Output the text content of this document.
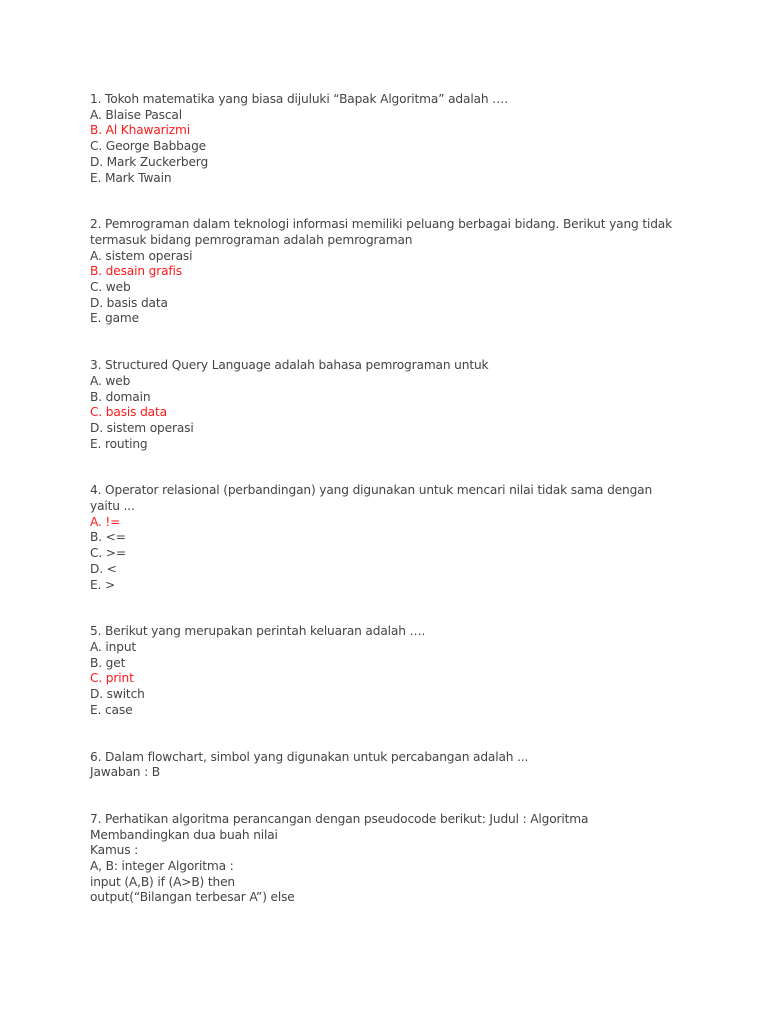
1. Tokoh matematika yang biasa dijuluki “Bapak Algoritma” adalah ….
A. Blaise Pascal
B. Al Khawarizmi
C. George Babbage
D. Mark Zuckerberg
E. Mark Twain
2. Pemrograman dalam teknologi informasi memiliki peluang berbagai bidang. Berikut yang tidak
termasuk bidang pemrograman adalah pemrograman
A. sistem operasi
B. desain grafis
C. web
D. basis data
E. game
3. Structured Query Language adalah bahasa pemrograman untuk
A. web
B. domain
C. basis data
D. sistem operasi
E. routing
4. Operator relasional (perbandingan) yang digunakan untuk mencari nilai tidak sama dengan
yaitu ...
A. !=
B. <=
C. >=
D. <
E. >
5. Berikut yang merupakan perintah keluaran adalah ….
A. input
B. get
C. print
D. switch
E. case
6. Dalam flowchart, simbol yang digunakan untuk percabangan adalah ...
Jawaban : B
7. Perhatikan algoritma perancangan dengan pseudocode berikut: Judul : Algoritma
Membandingkan dua buah nilai
Kamus :
A, B: integer Algoritma :
input (A,B) if (A>B) then
output(“Bilangan terbesar A”) else
